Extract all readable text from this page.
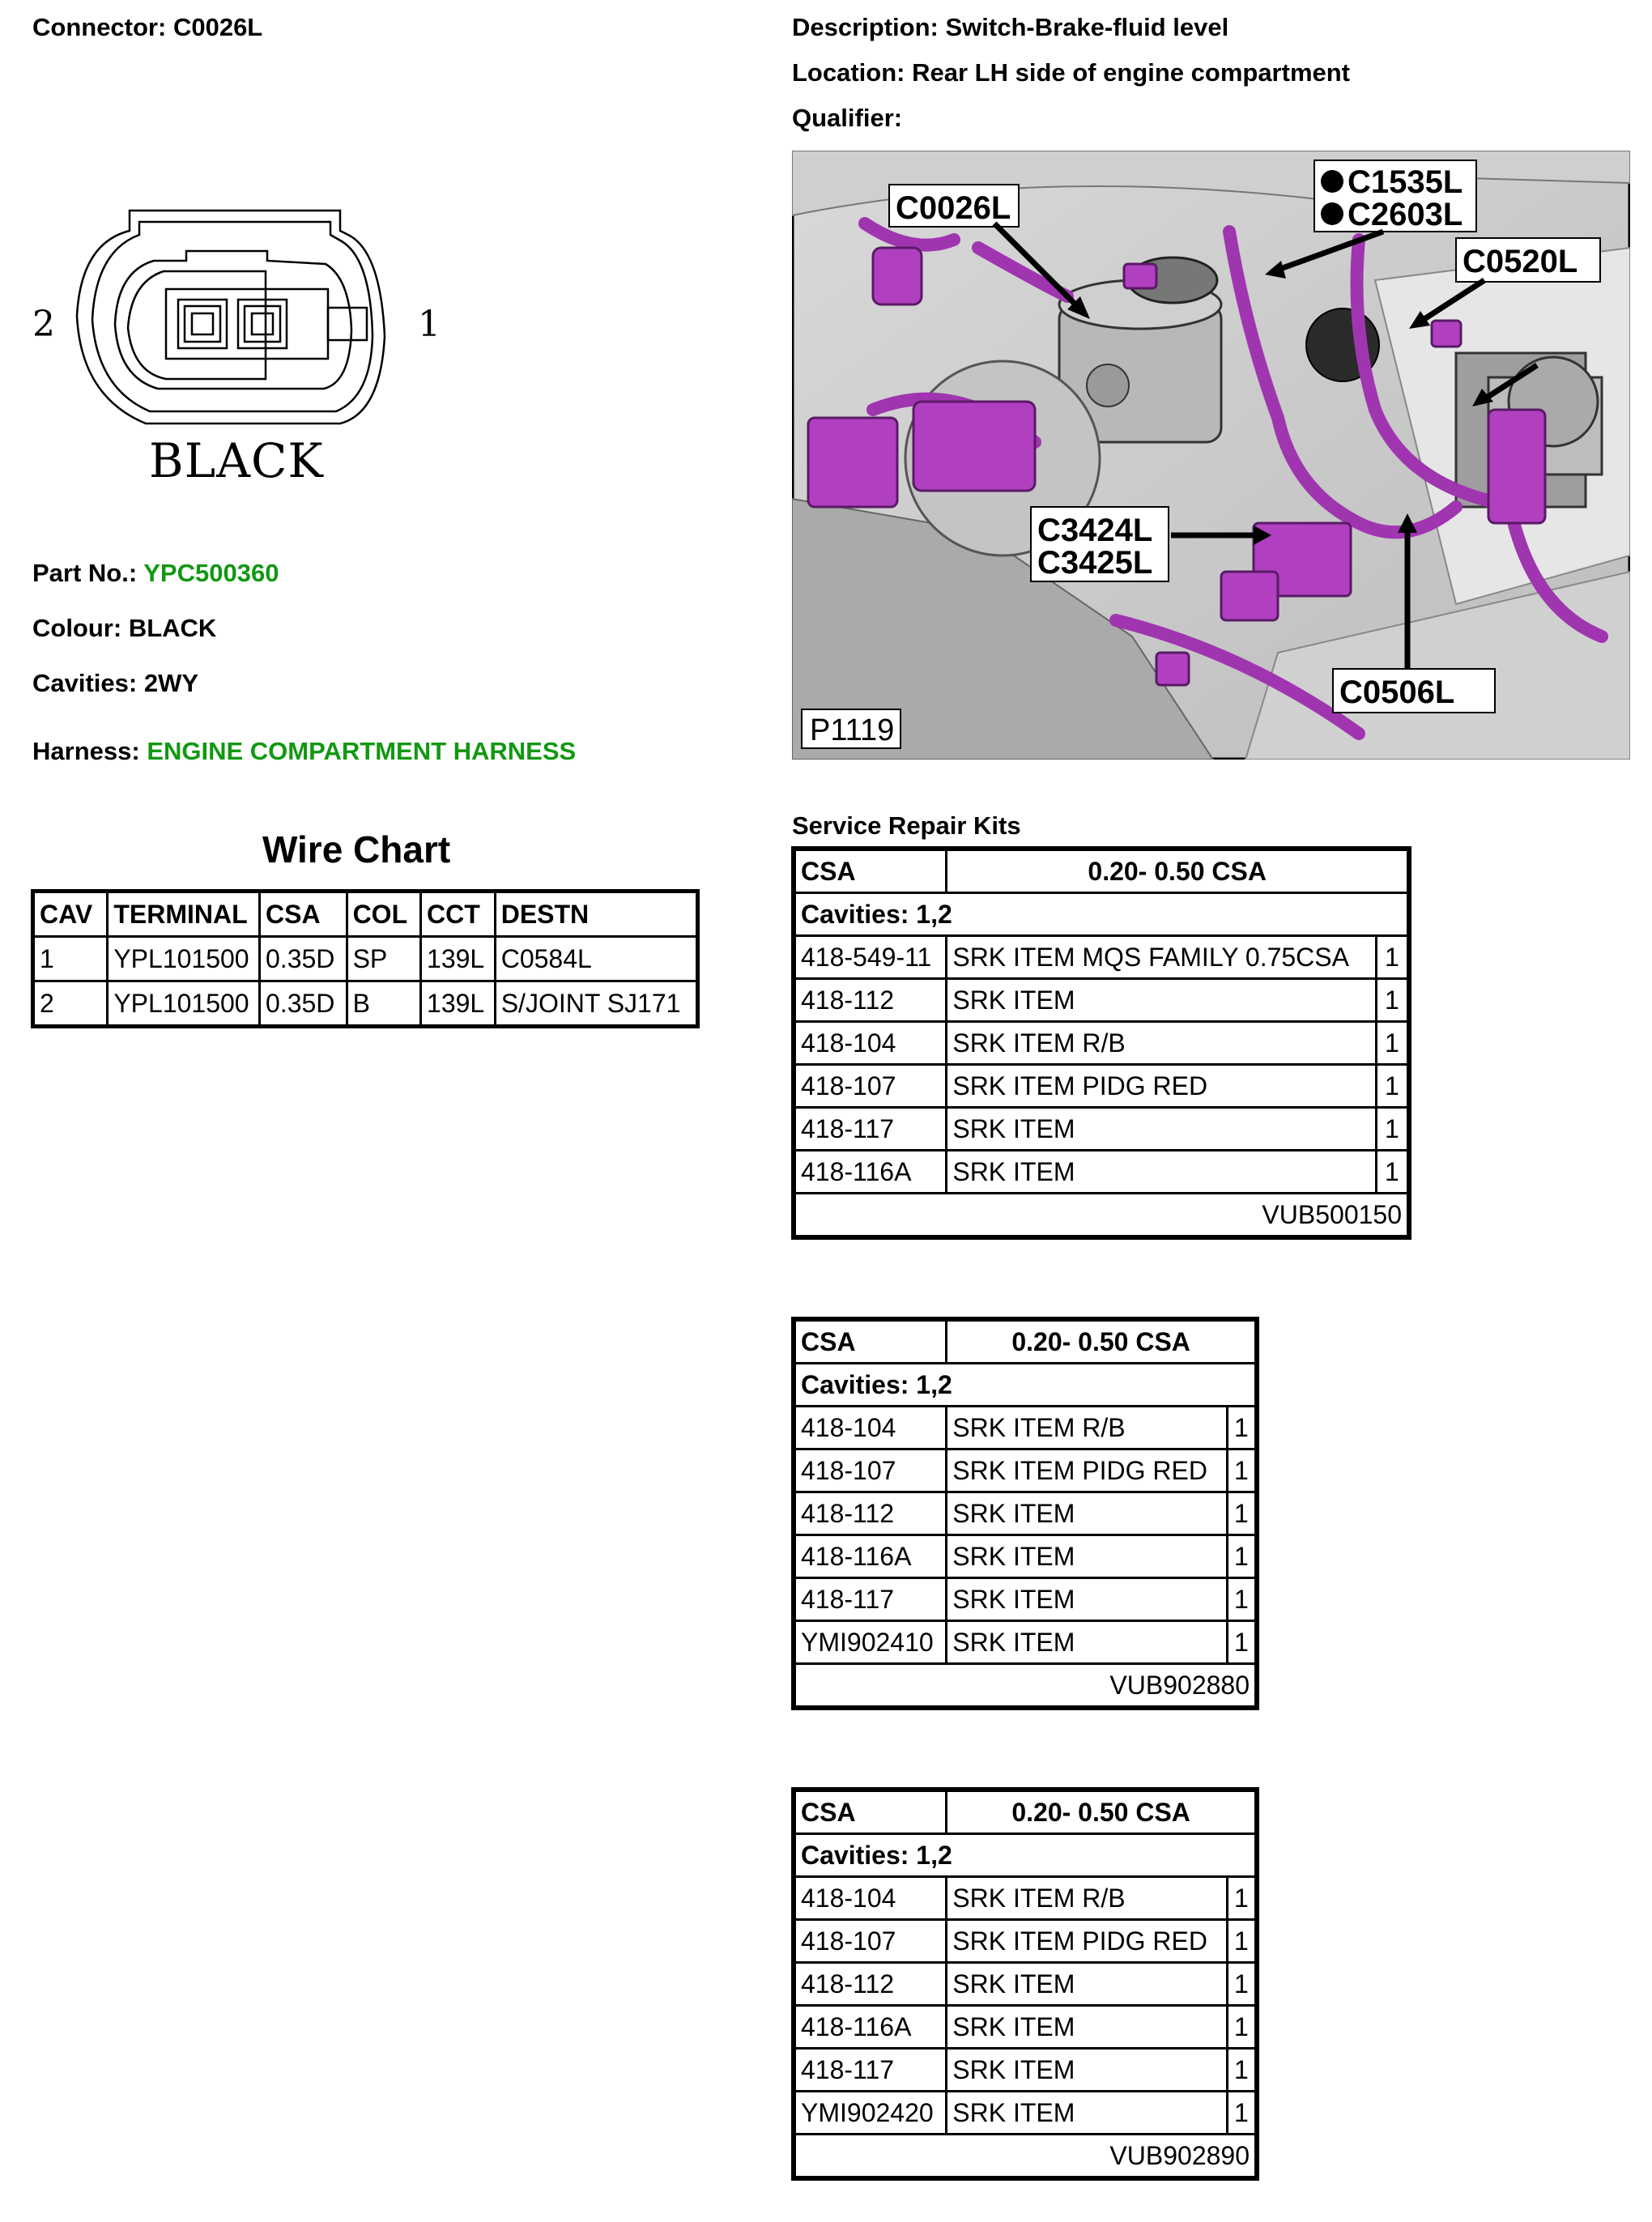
Connector: C0026L	Description: Switch-Brake-fluid level
Location: Rear LH side of engine compartment
Qualifier:
2	1
BLACK
Part No.: YPC500360
Colour: BLACK
Cavities: 2WY
Harness: ENGINE COMPARTMENT HARNESS
C0026L
C1535L
C2603L
C0520L
C3424L
C3425L
C0506L
P1119
Wire Chart
CAV	TERMINAL	CSA	COL	CCT	DESTN
1	YPL101500	0.35D	SP	139L	C0584L
2	YPL101500	0.35D	B	139L	S/JOINT SJ171
Service Repair Kits
CSA	0.20- 0.50 CSA	
Cavities: 1,2		
418-549-11	SRK ITEM MQS FAMILY 0.75CSA	1
418-112	SRK ITEM	1
418-104	SRK ITEM R/B	1
418-107	SRK ITEM PIDG RED	1
418-117	SRK ITEM	1
418-116A	SRK ITEM	1
VUB500150		
CSA	0.20- 0.50 CSA	
Cavities: 1,2		
418-104	SRK ITEM R/B	1
418-107	SRK ITEM PIDG RED	1
418-112	SRK ITEM	1
418-116A	SRK ITEM	1
418-117	SRK ITEM	1
YMI902410	SRK ITEM	1
VUB902880		
CSA	0.20- 0.50 CSA	
Cavities: 1,2		
418-104	SRK ITEM R/B	1
418-107	SRK ITEM PIDG RED	1
418-112	SRK ITEM	1
418-116A	SRK ITEM	1
418-117	SRK ITEM	1
YMI902420	SRK ITEM	1
VUB902890		
